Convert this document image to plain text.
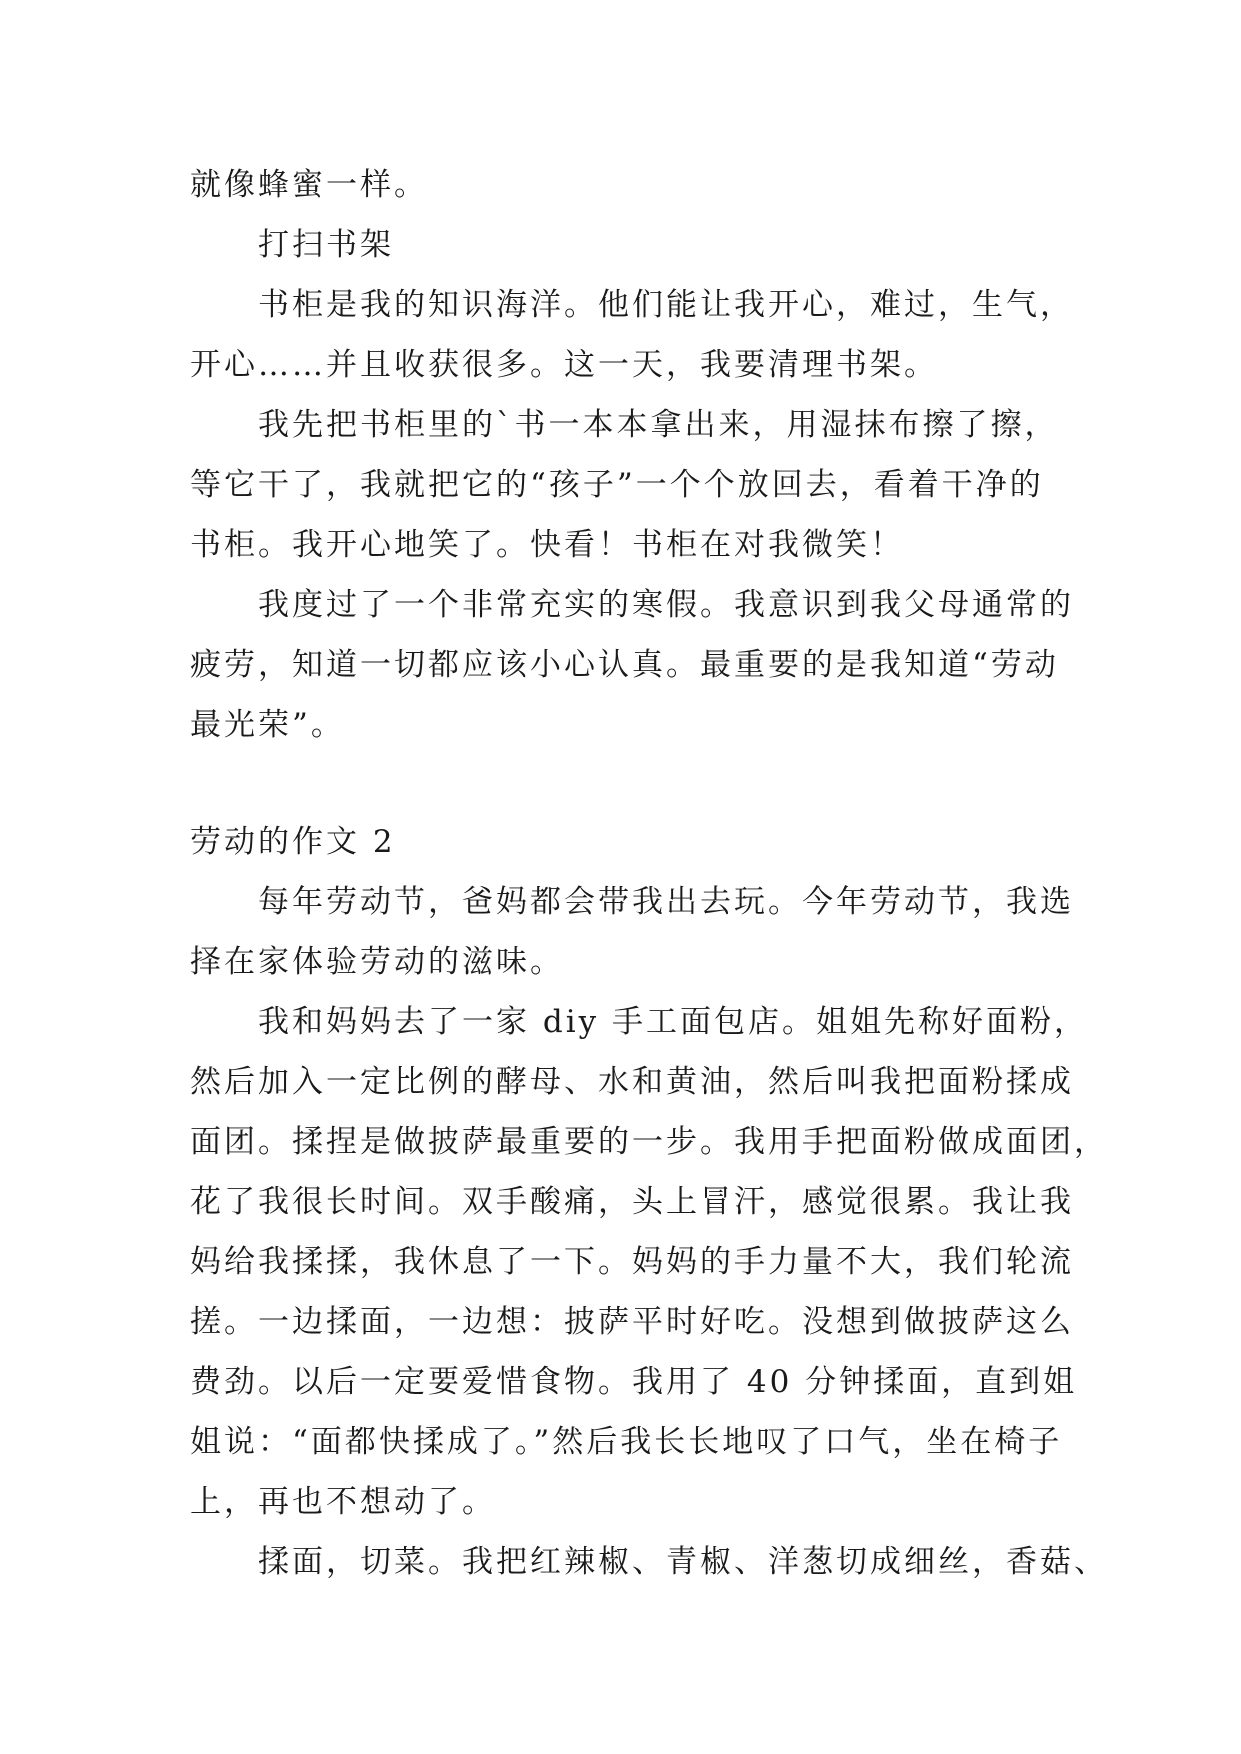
就像蜂蜜一样。

打扫书架

书柜是我的知识海洋。他们能让我开心，难过，生气，

开心……并且收获很多。这一天，我要清理书架。

我先把书柜里的`书一本本拿出来，用湿抹布擦了擦，

等它干了，我就把它的“孩子”一个个放回去，看着干净的

书柜。我开心地笑了。快看！书柜在对我微笑！

我度过了一个非常充实的寒假。我意识到我父母通常的

疲劳，知道一切都应该小心认真。最重要的是我知道“劳动

最光荣”。

劳动的作文 2

每年劳动节，爸妈都会带我出去玩。今年劳动节，我选

择在家体验劳动的滋味。

我和妈妈去了一家 diy 手工面包店。姐姐先称好面粉，

然后加入一定比例的酵母、水和黄油，然后叫我把面粉揉成

面团。揉捏是做披萨最重要的一步。我用手把面粉做成面团，

花了我很长时间。双手酸痛，头上冒汗，感觉很累。我让我

妈给我揉揉，我休息了一下。妈妈的手力量不大，我们轮流

搓。一边揉面，一边想：披萨平时好吃。没想到做披萨这么

费劲。以后一定要爱惜食物。我用了 40 分钟揉面，直到姐

姐说：“面都快揉成了。”然后我长长地叹了口气，坐在椅子

上，再也不想动了。

揉面，切菜。我把红辣椒、青椒、洋葱切成细丝，香菇、
